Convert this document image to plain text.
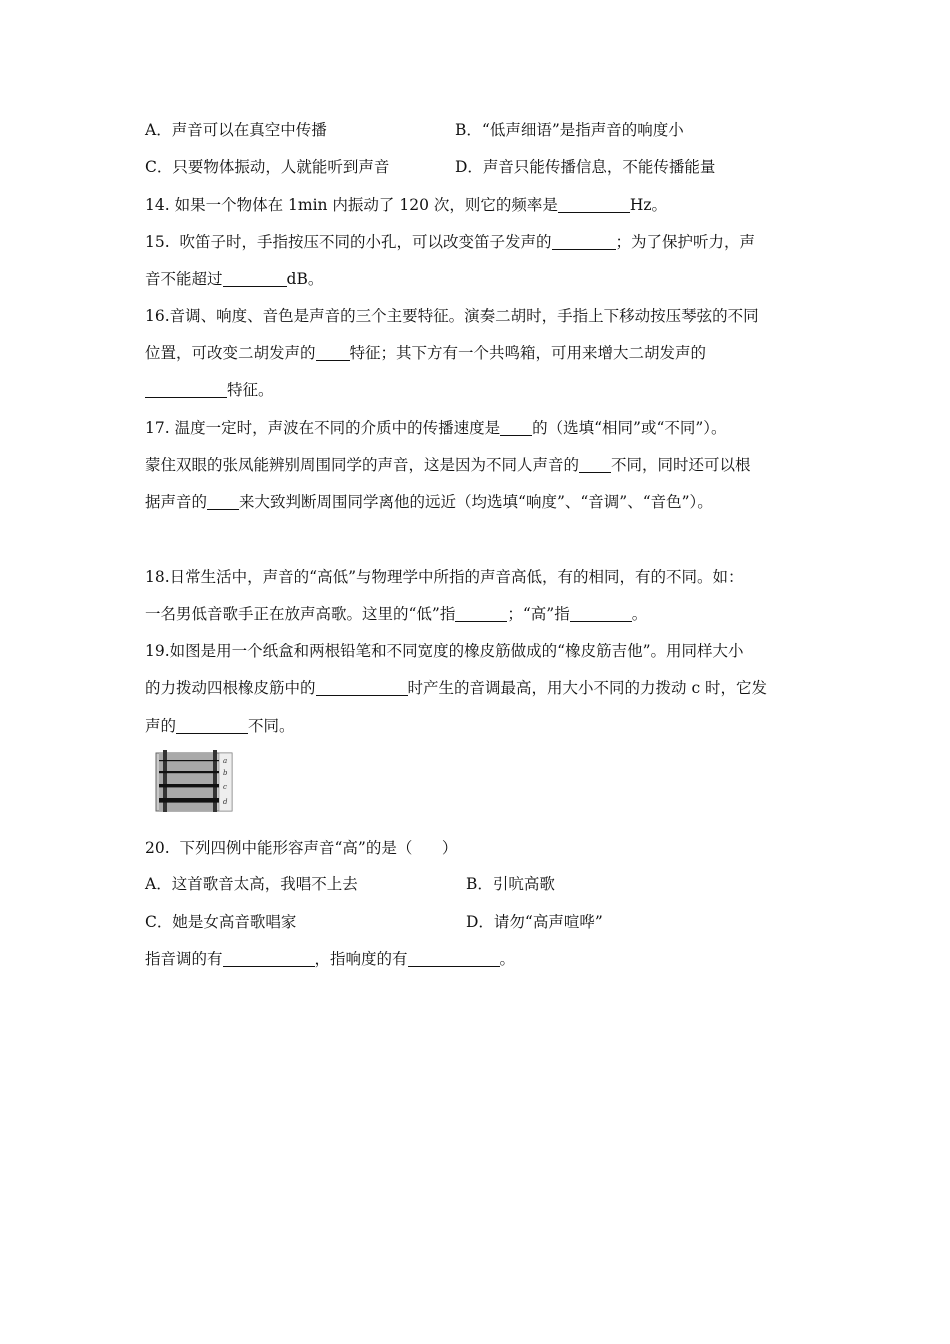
A．声音可以在真空中传播	B．“低声细语”是指声音的响度小
C．只要物体振动，人就能听到声音	D．声音只能传播信息，不能传播能量
14. 如果一个物体在 1min 内振动了 120 次，则它的频率是	Hz。
15.  吹笛子时，手指按压不同的小孔，可以改变笛子发声的	；为了保护听力，声
音不能超过	dB。
16.音调、响度、音色是声音的三个主要特征。演奏二胡时，手指上下移动按压琴弦的不同
位置，可改变二胡发声的 特征；其下方有一个共鸣箱，可用来增大二胡发声的
特征。
17. 温度一定时，声波在不同的介质中的传播速度是 的（选填“相同”或“不同”）。
蒙住双眼的张凤能辨别周围同学的声音，这是因为不同人声音的 不同，同时还可以根
据声音的 来大致判断周围同学离他的远近（均选填“响度”、“音调”、“音色”）。
18.日常生活中，声音的“高低”与物理学中所指的声音高低，有的相同，有的不同。如：
一名男低音歌手正在放声高歌。这里的“低”指	；“高”指	。
19.如图是用一个纸盒和两根铅笔和不同宽度的橡皮筋做成的“橡皮筋吉他”。用同样大小
的力拨动四根橡皮筋中的	时产生的音调最高，用大小不同的力拨动 c 时，它发
声的	不同。
a
b
c
d
20.  下列四例中能形容声音“高”的是（      ）
A．这首歌音太高，我唱不上去	B．引吭高歌
C．她是女高音歌唱家	D．请勿“高声喧哗”
指音调的有	，指响度的有	。
